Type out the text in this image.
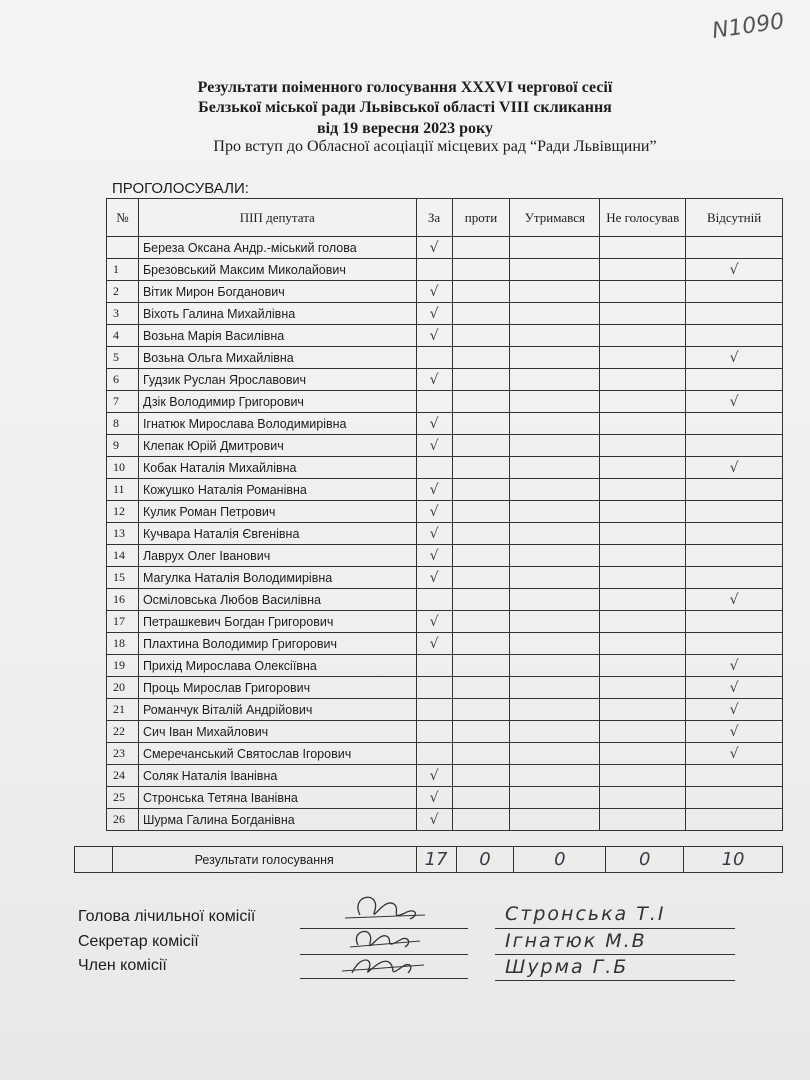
N1090
Результати поіменного голосування XXXVI чергової сесії
Белзької міської ради Львівської області VIII скликання
від 19 вересня 2023 року
Про вступ до Обласної асоціації місцевих рад “Ради Львівщини”
ПРОГОЛОСУВАЛИ:
№	ПІП депутата	За	проти	Утримався	Не голосував	Відсутній
	Береза Оксана Андр.-міський голова	√				
1	Брезовський Максим Миколайович					√
2	Вітик Мирон Богданович	√				
3	Віхоть Галина Михайлівна	√				
4	Возьна Марія Василівна	√				
5	Возьна Ольга Михайлівна					√
6	Гудзик Руслан Ярославович	√				
7	Дзік Володимир Григорович					√
8	Ігнатюк Мирослава Володимирівна	√				
9	Клепак Юрій Дмитрович	√				
10	Кобак Наталія Михайлівна					√
11	Кожушко Наталія Романівна	√				
12	Кулик Роман Петрович	√				
13	Кучвара Наталія Євгенівна	√				
14	Лаврух Олег Іванович	√				
15	Магулка Наталія Володимирівна	√				
16	Осміловська Любов Василівна					√
17	Петрашкевич Богдан Григорович	√				
18	Плахтина Володимир Григорович	√				
19	Прихід Мирослава Олексіївна					√
20	Проць Мирослав Григорович					√
21	Романчук Віталій Андрійович					√
22	Сич Іван Михайлович					√
23	Смеречанський Святослав Ігорович					√
24	Соляк Наталія Іванівна	√				
25	Стронська Тетяна Іванівна	√				
26	Шурма Галина Богданівна	√				
	Результати голосування	17	0	0	0	10
Голова лічильної комісії	Стронська Т.І
Секретар комісії	Ігнатюк М.В
Член комісії	Шурма Г.Б
